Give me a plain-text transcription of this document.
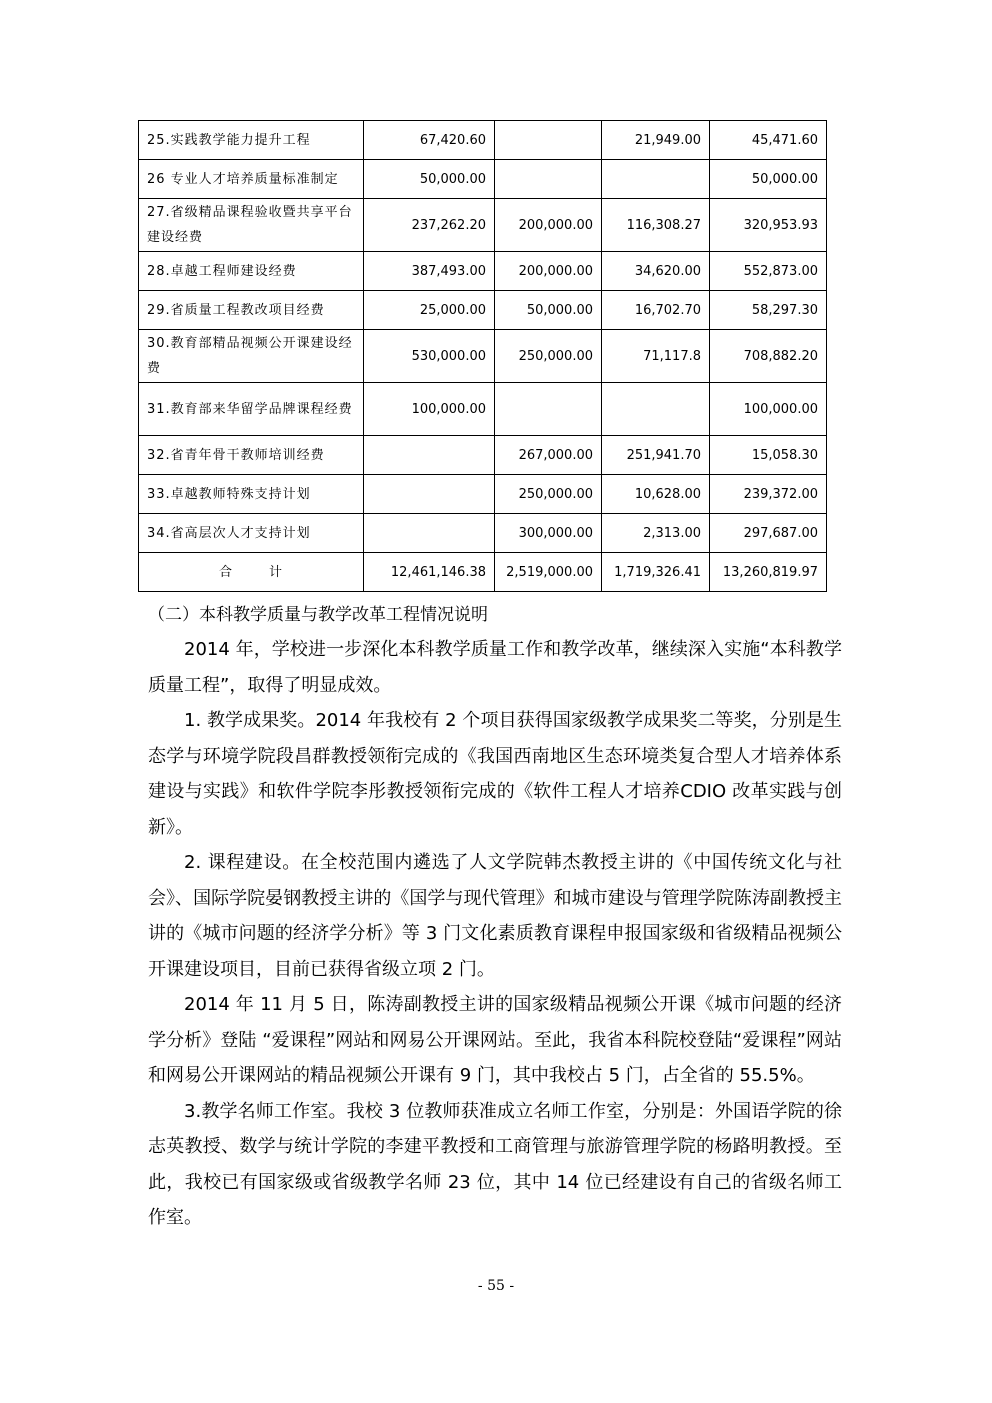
25.实践教学能力提升工程	67,420.60		21,949.00	45,471.60
26 专业人才培养质量标准制定	50,000.00			50,000.00
27.省级精品课程验收暨共享平台建设经费	237,262.20	200,000.00	116,308.27	320,953.93
28.卓越工程师建设经费	387,493.00	200,000.00	34,620.00	552,873.00
29.省质量工程教改项目经费	25,000.00	50,000.00	16,702.70	58,297.30
30.教育部精品视频公开课建设经费	530,000.00	250,000.00	71,117.8	708,882.20
31.教育部来华留学品牌课程经费	100,000.00			100,000.00
32.省青年骨干教师培训经费		267,000.00	251,941.70	15,058.30
33.卓越教师特殊支持计划		250,000.00	10,628.00	239,372.00
34.省高层次人才支持计划		300,000.00	2,313.00	297,687.00
合 计	12,461,146.38	2,519,000.00	1,719,326.41	13,260,819.97
（二）本科教学质量与教学改革工程情况说明

2014 年，学校进一步深化本科教学质量工作和教学改革，继续深入实施“本科教学质量工程”，取得了明显成效。

1. 教学成果奖。2014 年我校有 2 个项目获得国家级教学成果奖二等奖，分别是生态学与环境学院段昌群教授领衔完成的《我国西南地区生态环境类复合型人才培养体系建设与实践》和软件学院李彤教授领衔完成的《软件工程人才培养CDIO 改革实践与创新》。

2. 课程建设。在全校范围内遴选了人文学院韩杰教授主讲的《中国传统文化与社会》、国际学院晏钢教授主讲的《国学与现代管理》和城市建设与管理学院陈涛副教授主讲的《城市问题的经济学分析》等 3 门文化素质教育课程申报国家级和省级精品视频公开课建设项目，目前已获得省级立项 2 门。

2014 年 11 月 5 日，陈涛副教授主讲的国家级精品视频公开课《城市问题的经济学分析》登陆 “爱课程”网站和网易公开课网站。至此，我省本科院校登陆“爱课程”网站和网易公开课网站的精品视频公开课有 9 门，其中我校占 5 门，占全省的 55.5%。

3.教学名师工作室。我校 3 位教师获准成立名师工作室，分别是：外国语学院的徐志英教授、数学与统计学院的李建平教授和工商管理与旅游管理学院的杨路明教授。至此，我校已有国家级或省级教学名师 23 位，其中 14 位已经建设有自己的省级名师工作室。

- 55 -
